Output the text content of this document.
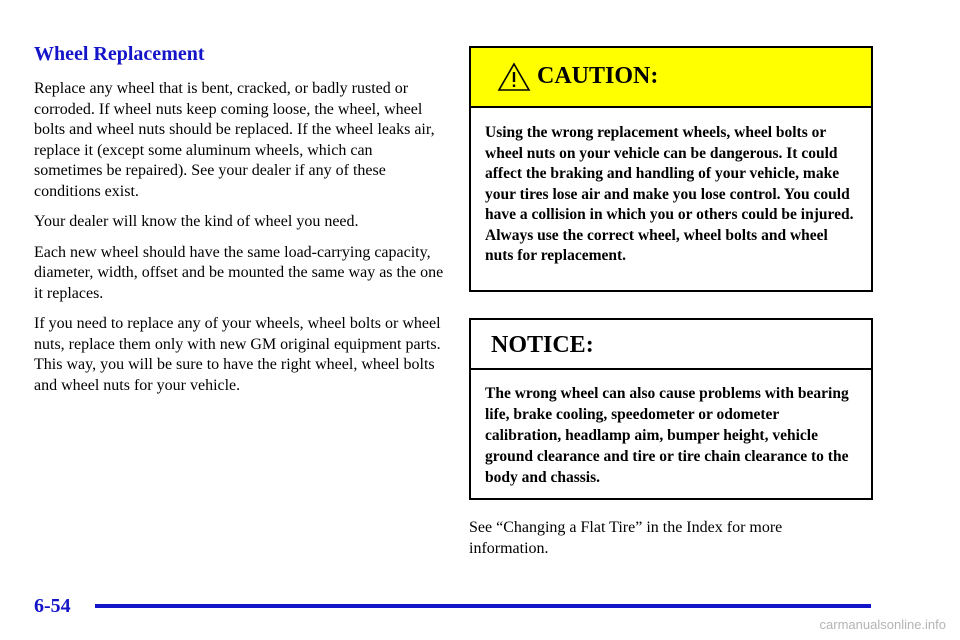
Wheel Replacement

Replace any wheel that is bent, cracked, or badly rusted or corroded. If wheel nuts keep coming loose, the wheel, wheel bolts and wheel nuts should be replaced. If the wheel leaks air, replace it (except some aluminum wheels, which can sometimes be repaired). See your dealer if any of these conditions exist.

Your dealer will know the kind of wheel you need.

Each new wheel should have the same load-carrying capacity, diameter, width, offset and be mounted the same way as the one it replaces.

If you need to replace any of your wheels, wheel bolts or wheel nuts, replace them only with new GM original equipment parts. This way, you will be sure to have the right wheel, wheel bolts and wheel nuts for your vehicle.

CAUTION:

Using the wrong replacement wheels, wheel bolts or wheel nuts on your vehicle can be dangerous. It could affect the braking and handling of your vehicle, make your tires lose air and make you lose control. You could have a collision in which you or others could be injured. Always use the correct wheel, wheel bolts and wheel nuts for replacement.

NOTICE:

The wrong wheel can also cause problems with bearing life, brake cooling, speedometer or odometer calibration, headlamp aim, bumper height, vehicle ground clearance and tire or tire chain clearance to the body and chassis.

See “Changing a Flat Tire” in the Index for more information.

6-54
carmanualsonline.info
